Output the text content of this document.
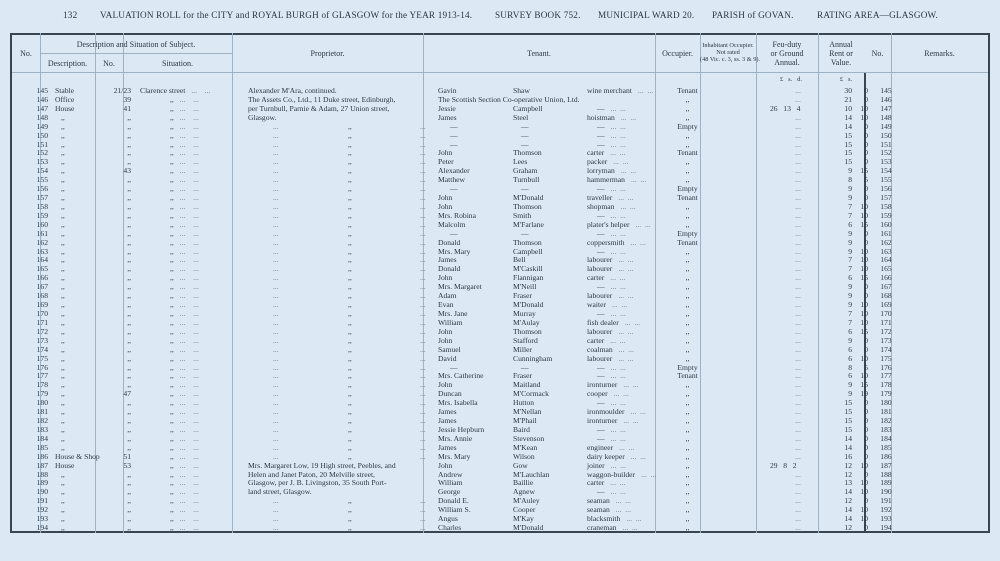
132 VALUATION ROLL for the CITY and ROYAL BURGH of GLASGOW for the YEAR 1913-14. SURVEY BOOK 752. MUNICIPAL WARD 20. PARISH of GOVAN.	RATING AREA—GLASGOW.
No.
Description and Situation of Subject.
Description.	No.	Situation.
Proprietor.	Tenant.	Occupier.
Inhabitant Occupier.
Not rated
(48 Vic. c. 3, ss. 3 & 9).
Feu-duty
or Ground
Annual.
Annual
Rent or
Value.
No.	Remarks.
£   s.   d.	£   s.
145 Stable	21/23 Clarence street ...    ...	Alexander M'Ara, continued.	Gavin	Shaw	wine merchant ...  ...	Tenant	...	30 0	145
146 Office	39	,, ...    ...	The Assets Co., Ltd., 11 Duke street, Edinburgh,	The Scottish Section Co-operative Union, Ltd.	,,	...	21 0	146
147 House	41	,, ...    ...	per Turnbull, Parnie & Adam, 27 Union street,	Jessie	Campbell	— ...  ...	,,	26   13   4	10 10	147
148	,,	,,	,, ...    ...	Glasgow.	James	Steel	hoistman ...  ...	,,	...	14 10	148
149	,,	,,	,, ...    ...	...	,,	...	—	—	— ...  ...	Empty	...	14 0	149
150	,,	,,	,, ...    ...	...	,,	...	—	—	— ...  ...	,,	...	15 0	150
151	,,	,,	,, ...    ...	...	,,	...	—	—	— ...  ...	,,	...	15 0	151
152	,,	,,	,, ...    ...	...	,,	... John	Thomson	carter ...  ...	Tenant	...	15 0	152
153	,,	,,	,, ...    ...	...	,,	... Peter	Lees	packer ...  ...	,,	...	15 0	153
154	,,	43	,, ...    ...	...	,,	... Alexander	Graham	lorryman ...  ...	,,	...	9 15	154
155	,,	,,	,, ...    ...	...	,,	... Matthew	Turnbull	hammerman ...  ...	,,	...	8 5	155
156	,,	,,	,, ...    ...	...	,,	...	—	—	— ...  ...	Empty	...	9 0	156
157	,,	,,	,, ...    ...	...	,,	... John	M'Donald	traveller ...  ...	Tenant	...	9 0	157
158	,,	,,	,, ...    ...	...	,,	... John	Thomson	shopman ...  ...	,,	...	7 10	158
159	,,	,,	,, ...    ...	...	,,	... Mrs. Robina	Smith	— ...  ...	,,	...	7 10	159
160	,,	,,	,, ...    ...	...	,,	... Malcolm	M'Farlane	plater's helper ...  ...	,,	...	6 15	160
161	,,	,,	,, ...    ...	...	,,	...	—	—	— ...  ...	Empty	...	9 0	161
162	,,	,,	,, ...    ...	...	,,	... Donald	Thomson	coppersmith ...  ...	Tenant	...	9 0	162
163	,,	,,	,, ...    ...	...	,,	... Mrs. Mary	Campbell	— ...  ...	,,	...	9 10	163
164	,,	,,	,, ...    ...	...	,,	... James	Bell	labourer ...  ...	,,	...	7 10	164
165	,,	,,	,, ...    ...	...	,,	... Donald	M'Caskill	labourer ...  ...	,,	...	7 10	165
166	,,	,,	,, ...    ...	...	,,	... John	Flannigan	carter ...  ...	,,	...	6 15	166
167	,,	,,	,, ...    ...	...	,,	... Mrs. Margaret	M'Neill	— ...  ...	,,	...	9 0	167
168	,,	,,	,, ...    ...	...	,,	... Adam	Fraser	labourer ...  ...	,,	...	9 0	168
169	,,	,,	,, ...    ...	...	,,	... Evan	M'Donald	waiter ...  ...	,,	...	9 10	169
170	,,	,,	,, ...    ...	...	,,	... Mrs. Jane	Murray	— ...  ...	,,	...	7 10	170
171	,,	,,	,, ...    ...	...	,,	... William	M'Aulay	fish dealer ...  ...	,,	...	7 10	171
172	,,	,,	,, ...    ...	...	,,	... John	Thomson	labourer ...  ...	,,	...	6 15	172
173	,,	,,	,, ...    ...	...	,,	... John	Stafford	carter ...  ...	,,	...	9 0	173
174	,,	,,	,, ...    ...	...	,,	... Samuel	Miller	coalman ...  ...	,,	...	6 0	174
175	,,	,,	,, ...    ...	...	,,	... David	Cunningham	labourer ...  ...	,,	...	6 10	175
176	,,	,,	,, ...    ...	...	,,	...	—	—	— ...  ...	Empty	...	8 5	176
177	,,	,,	,, ...    ...	...	,,	... Mrs. Catherine	Fraser	— ...  ...	Tenant	...	6 10	177
178	,,	,,	,, ...    ...	...	,,	... John	Maitland	ironturner ...  ...	,,	...	9 15	178
179	,,	47	,, ...    ...	...	,,	... Duncan	M'Cormack	cooper ...  ...	,,	...	9 19	179
180	,,	,,	,, ...    ...	...	,,	... Mrs. Isabella	Hutton	— ...  ...	,,	...	15 0	180
181	,,	,,	,, ...    ...	...	,,	... James	M'Nellan	ironmoulder ...  ...	,,	...	15 0	181
182	,,	,,	,, ...    ...	...	,,	... James	M'Phail	ironturner ...  ...	,,	...	15 0	182
183	,,	,,	,, ...    ...	...	,,	... Jessie Hepburn	Baird	— ...  ...	,,	...	15 0	183
184	,,	,,	,, ...    ...	...	,,	... Mrs. Annie	Stevenson	— ...  ...	,,	...	14 0	184
185	,,	,,	,, ...    ...	...	,,	... James	M'Kean	engineer ...  ...	,,	...	14 0	185
186 House & Shop	51	,, ...    ...	...	,,	... Mrs. Mary	Wilson	dairy keeper ...  ...	,,	...	16 0	186
187 House	53	,, ...    ...	Mrs. Margaret Low, 19 High street, Peebles, and	John	Gow	joiner ...  ...	,,	29   8   2	12 10	187
188	,,	,,	,, ...    ...	Helen and Janet Paton, 20 Melville street,	Andrew	M'Lauchlan	waggon-builder ...  ...	,,	...	12 0	188
189	,,	,,	,, ...    ...	Glasgow, per J. B. Livingston, 35 South Port-	William	Baillie	carter ...  ...	,,	...	13 10	189
190	,,	,,	,, ...    ...	land street, Glasgow.	George	Agnew	— ...  ...	,,	...	14 10	190
191	,,	,,	,, ...    ...	...	,,	... Donald E.	M'Auley	seaman ...  ...	,,	...	12 0	191
192	,,	,,	,, ...    ...	...	,,	... William S.	Cooper	seaman ...  ...	,,	...	14 10	192
193	,,	,,	,, ...    ...	...	,,	... Angus	M'Kay	blacksmith ...  ...	,,	...	14 10	193
194	,,	,,	,, ...    ...	...	,,	... Charles	M'Donald	craneman ...  ...	,,	...	12 0	194
